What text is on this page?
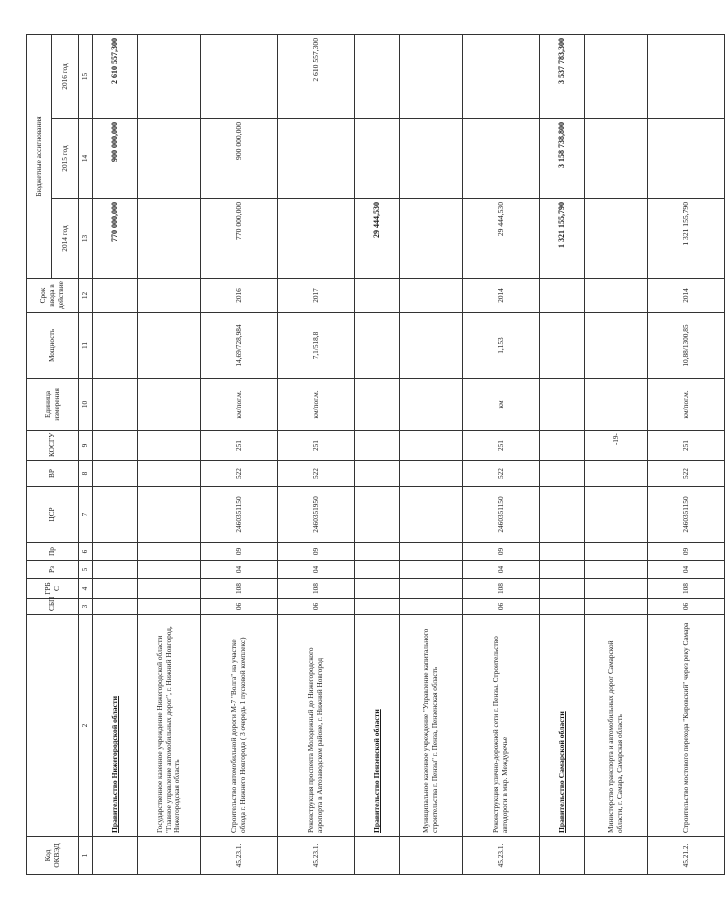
Код ОКВЭД		СБП	ГРБ С	Рз	Пр	ЦСР	ВР	КОСГУ	Единица измерения	Мощность	Срок ввода в действие	Бюджетные ассигнования		
												2014 год	2015 год	2016 год
1	2	3	4	5	6	7	8	9	10	11	12	13	14	15
	Правительство Нижегородской области											770 000,000	900 000,000	2 610 557,300
	Государственное казенное учреждение Нижегородской области "Главное управление автомобильных дорог", г. Нижний Новгород, Нижегородская область													
45.23.1.	Строительство автомобильной дороги М-7 "Волга" на участке обхода г. Нижнего Новгорода ( 3 очередь 1 пусковой комплекс)	06	108	04	09	2460351150	522	251	км/пог.м.	14,69/728,984	2016	770 000,000	900 000,000	
45.23.1.	Реконструкция проспекта Молодежный до Нижегородского аэропорта в Автозаводском районе, г. Нижний Новгород	06	108	04	09	2460351950	522	251	км/пог.м.	7,1/518,8	2017			2 610 557,300
	Правительство Пензенской области											29 444,530		
	Муниципальное казенное учреждение "Управление капитального строительства г. Пензы" г. Пенза, Пензенская область													
45.23.1.	Реконструкция улично-дорожной сети г. Пензы. Строительство автодороги в мкр. Междуречье	06	108	04	09	2460351150	522	251	км	1,153	2014	29 444,530		
	Правительство Самарской области											1 321 155,790	3 158 738,800	3 537 783,300
	Министерство транспорта и автомобильных дорог Самарской области, г. Самара, Самарская область													
45.21.2.	Строительство мостового перехода "Кировский" через реку Самара	06	108	04	09	2460351150	522	251	км/пог.м.	10,88/1300,85	2014	1 321 155,790		
-19-
